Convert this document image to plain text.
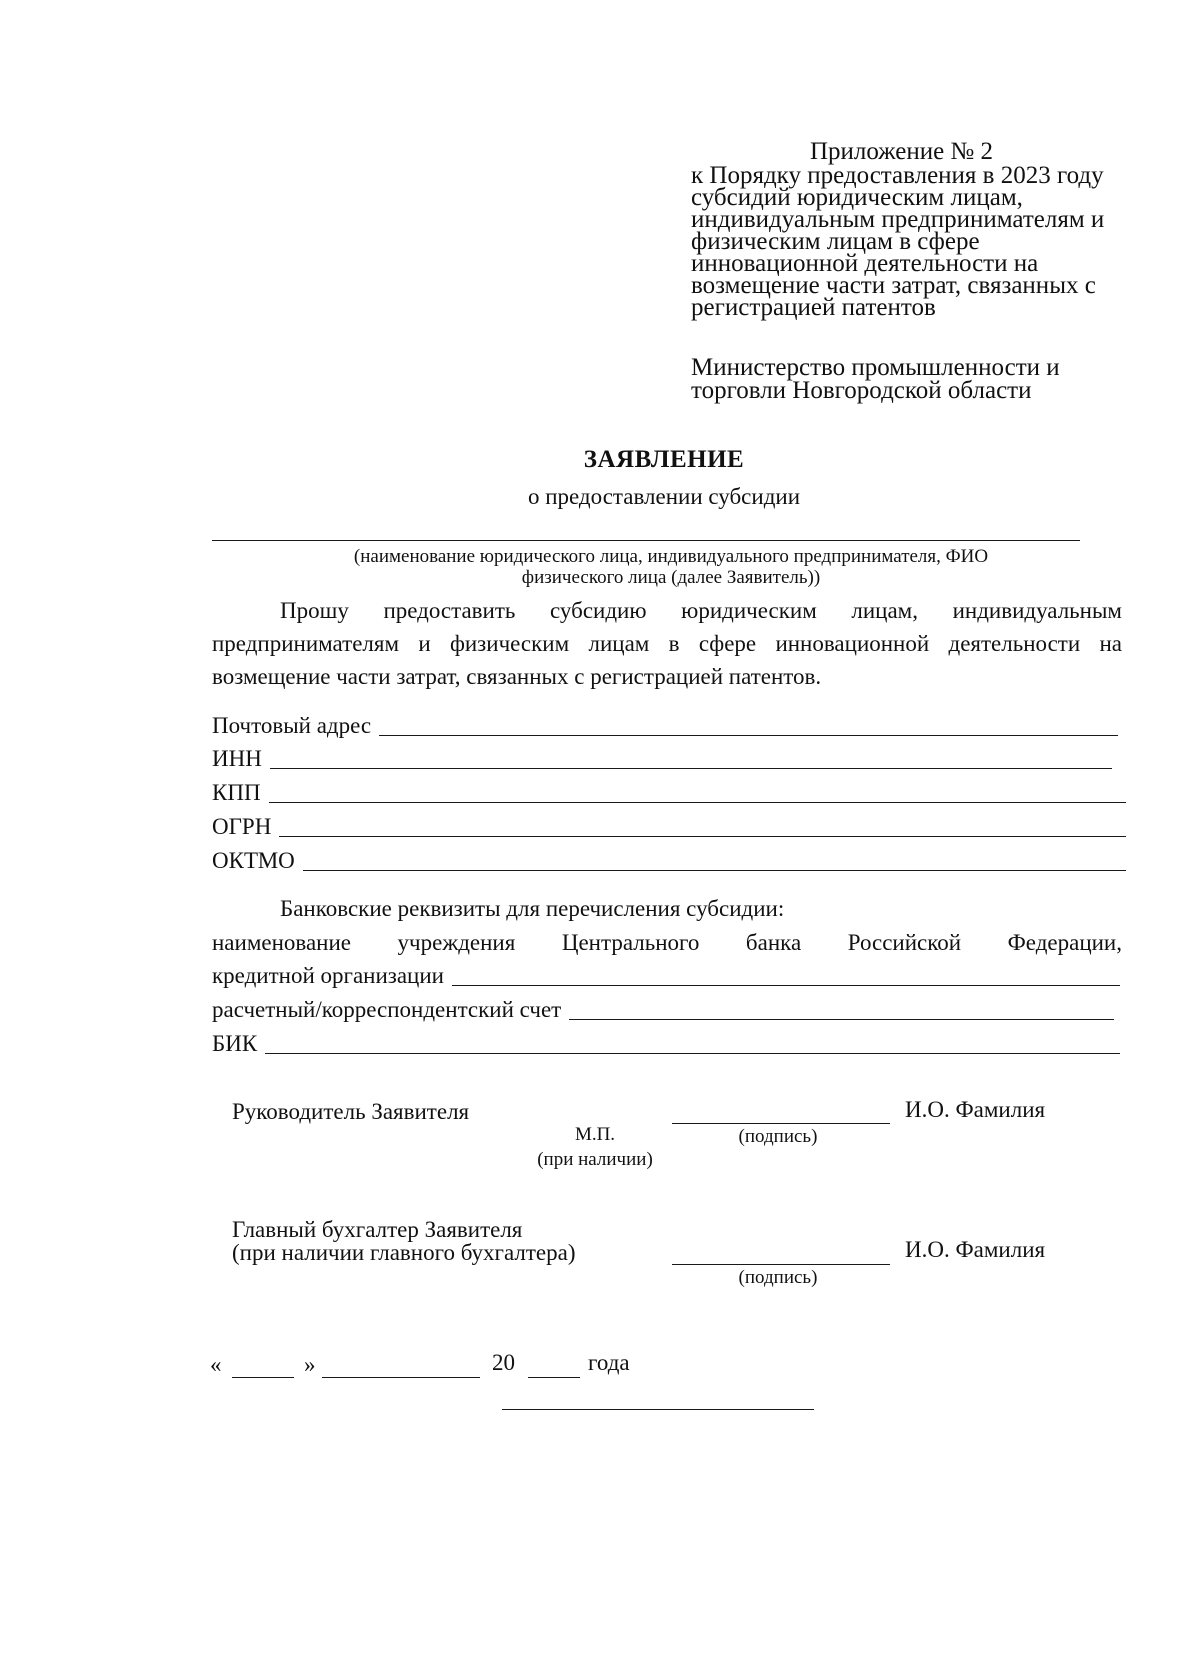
Приложение № 2
к Порядку предоставления в 2023 году
субсидий юридическим лицам,
индивидуальным предпринимателям и
физическим лицам в сфере
инновационной деятельности на
возмещение части затрат, связанных с
регистрацией патентов
Министерство промышленности и
торговли Новгородской области
ЗАЯВЛЕНИЕ
о предоставлении субсидии
(наименование юридического лица, индивидуального предпринимателя, ФИО
физического лица (далее Заявитель))
Прошу предоставить субсидию юридическим лицам, индивидуальным предпринимателям и физическим лицам в сфере инновационной деятельности на возмещение части затрат, связанных с регистрацией патентов.
Почтовый адрес
ИНН
КПП
ОГРН
ОКТМО
Банковские реквизиты для перечисления субсидии:
наименование учреждения Центрального банка Российской Федерации,
кредитной организации
расчетный/корреспондентский счет
БИК
Руководитель Заявителя	И.О. Фамилия
М.П.	(подпись)
(при наличии)
Главный бухгалтер Заявителя
(при наличии главного бухгалтера)	И.О. Фамилия
(подпись)
«	»	20	года
